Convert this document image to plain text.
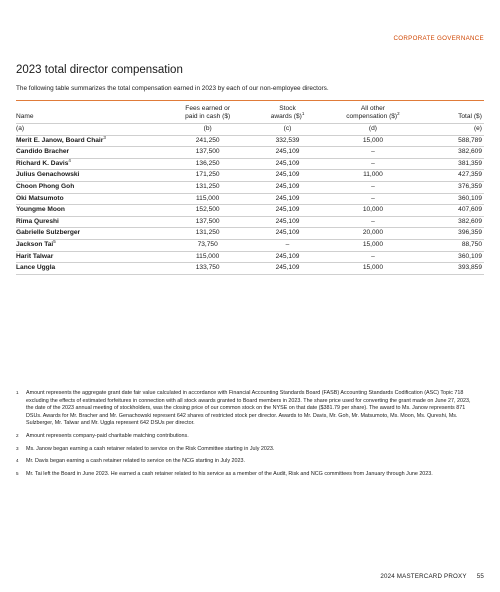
CORPORATE GOVERNANCE
2023 total director compensation
The following table summarizes the total compensation earned in 2023 by each of our non-employee directors.
Name	Fees earned or paid in cash ($)	Stock awards ($)$^1$	All other compensation ($)$^2$	Total ($)

(a)	(b)	(c)	(d)	(e)
Merit E. Janow, Board Chair$^3$	241,250	332,539	15,000	588,789
Candido Bracher	137,500	245,109	–	382,609
Richard K. Davis$^4$	136,250	245,109	–	381,359
Julius Genachowski	171,250	245,109	11,000	427,359
Choon Phong Goh	131,250	245,109	–	376,359
Oki Matsumoto	115,000	245,109	–	360,109
Youngme Moon	152,500	245,109	10,000	407,609
Rima Qureshi	137,500	245,109	–	382,609
Gabrielle Sulzberger	131,250	245,109	20,000	396,359
Jackson Tai$^5$	73,750	–	15,000	88,750
Harit Talwar	115,000	245,109	–	360,109
Lance Uggla	133,750	245,109	15,000	393,859
1 Amount represents the aggregate grant date fair value calculated in accordance with Financial Accounting Standards Board (FASB) Accounting Standards Codification (ASC) Topic 718 excluding the effects of estimated forfeitures in connection with all stock awards granted to Board members in 2023. The share price used for converting the grant made on June 27, 2023, the date of the 2023 annual meeting of stockholders, was the closing price of our common stock on the NYSE on that date ($381.79 per share). The award to Ms. Janow represents 871 DSUs. Awards for Mr. Bracher and Mr. Genachowski represent 642 shares of restricted stock per director. Awards to Mr. Davis, Mr. Goh, Mr. Matsumoto, Ms. Moon, Ms. Qureshi, Ms. Sulzberger, Mr. Talwar and Mr. Uggla represent 642 DSUs per director.
2 Amount represents company-paid charitable matching contributions.
3 Ms. Janow began earning a cash retainer related to service on the Risk Committee starting in July 2023.
4 Mr. Davis began earning a cash retainer related to service on the NCG starting in July 2023.
5 Mr. Tai left the Board in June 2023. He earned a cash retainer related to his service as a member of the Audit, Risk and NCG committees from January through June 2023.
2024 MASTERCARD PROXY 55
